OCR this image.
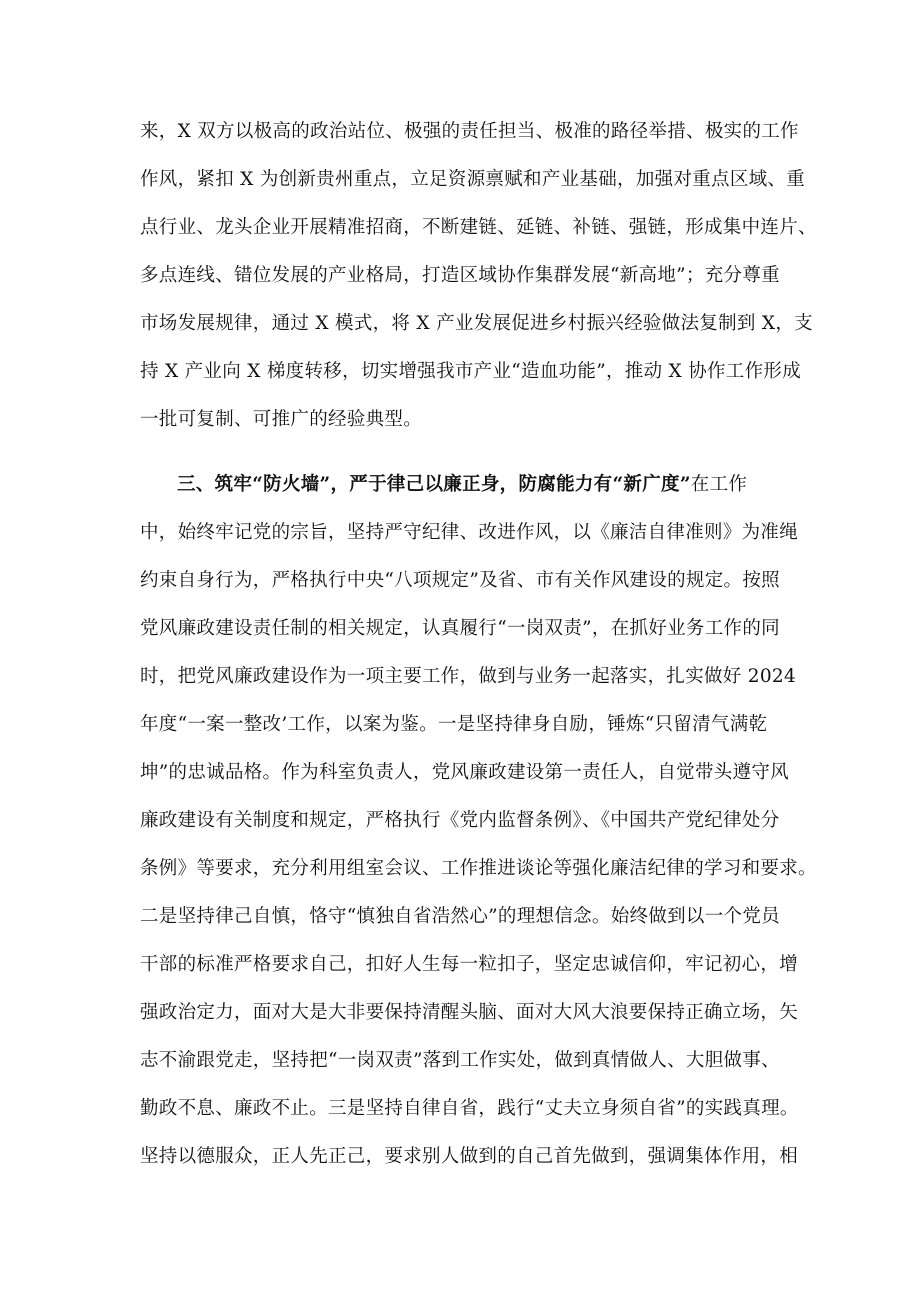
来，X 双方以极高的政治站位、极强的责任担当、极准的路径举措、极实的工作
作风，紧扣 X 为创新贵州重点，立足资源禀赋和产业基础，加强对重点区域、重
点行业、龙头企业开展精准招商，不断建链、延链、补链、强链，形成集中连片、
多点连线、错位发展的产业格局，打造区域协作集群发展“新高地”；充分尊重
市场发展规律，通过 X 模式，将 X 产业发展促进乡村振兴经验做法复制到 X，支
持 X 产业向 X 梯度转移，切实增强我市产业“造血功能”，推动 X 协作工作形成
一批可复制、可推广的经验典型。
三、筑牢“防火墙”，严于律己以廉正身，防腐能力有“新广度”在工作
中，始终牢记党的宗旨，坚持严守纪律、改进作风，以《廉洁自律准则》为准绳
约束自身行为，严格执行中央“八项规定”及省、市有关作风建设的规定。按照
党风廉政建设责任制的相关规定，认真履行“一岗双责”，在抓好业务工作的同
时，把党风廉政建设作为一项主要工作，做到与业务一起落实，扎实做好 2024
年度“一案一整改’工作，以案为鉴。一是坚持律身自励，锤炼“只留清气满乾
坤”的忠诚品格。作为科室负责人，党风廉政建设第一责任人，自觉带头遵守风
廉政建设有关制度和规定，严格执行《党内监督条例》、《中国共产党纪律处分
条例》等要求，充分利用组室会议、工作推进谈论等强化廉洁纪律的学习和要求。
二是坚持律己自慎，恪守“慎独自省浩然心”的理想信念。始终做到以一个党员
干部的标准严格要求自己，扣好人生每一粒扣子，坚定忠诚信仰，牢记初心，增
强政治定力，面对大是大非要保持清醒头脑、面对大风大浪要保持正确立场，矢
志不渝跟党走，坚持把“一岗双责”落到工作实处，做到真情做人、大胆做事、
勤政不息、廉政不止。三是坚持自律自省，践行“丈夫立身须自省”的实践真理。
坚持以德服众，正人先正己，要求别人做到的自己首先做到，强调集体作用，相
